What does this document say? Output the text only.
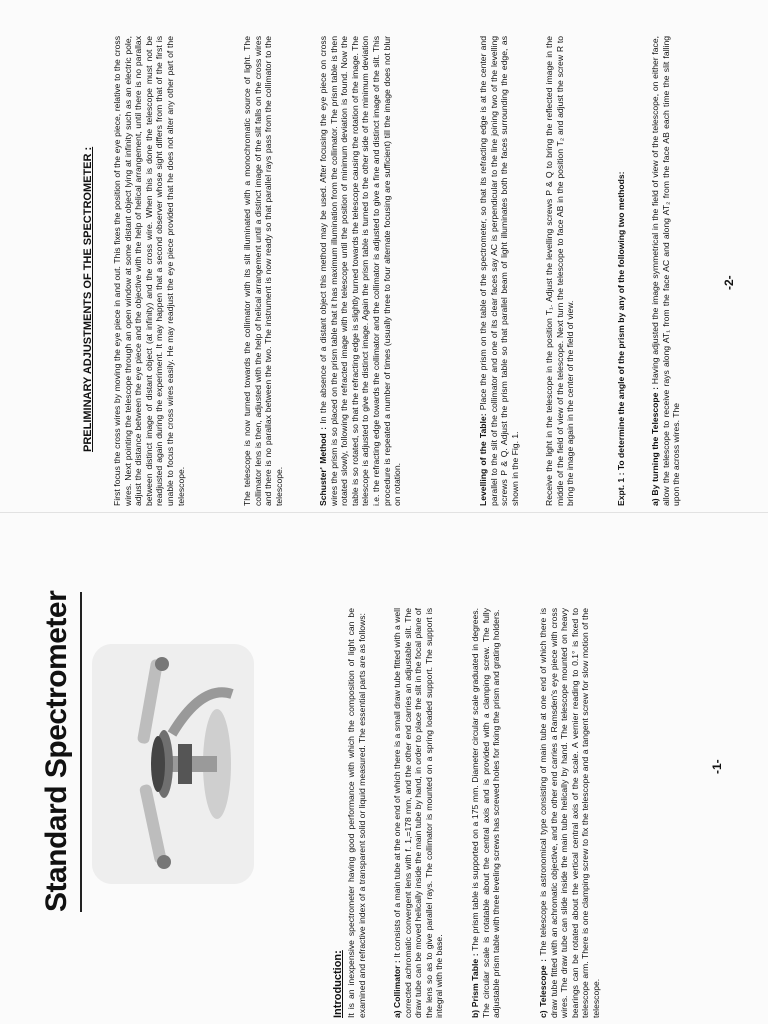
Standard Spectrometer
Introduction: It is an inexpensive spectrometer having good performance with which the composition of light can be examined and refractive index of a transparent solid or liquid measured. The essential parts are as follows:	a) Collimator : It consists of a main tube at the one end of which there is a small draw tube fitted with a well corrected achromatic convergent lens with f. 1,=178 mm, and the other end carries an adjustable slit. The draw tube can be moved helically inside the main tube by hand, in order to place the slit in the focal plane of the lens so as to give parallel rays. The collimator is mounted on a spring loaded support. The support is integral with the base.	b) Prism Table : The prism table is supported on a 175 mm. Diameter circular scale graduated in degrees. The circular scale is rotatable about the central axis and is provided with a clamping screw. The fully adjustable prism table with three leveling screws has screwed holes for fixing the prism and grating holders.	c) Telescope : The telescope is astronomical type consisting of main tube at one end of which there is draw tube fitted with an achromatic objective, and the other end carries a Ramsden's eye piece with cross wires. The draw tube can slide inside the main tube helically by hand. The telescope mounted on heavy bearings can be rotated about the vertical central axis of the scale. A vernier reading to 0.1° is fixed to telescope arm. There is one clamping screw to fix the telescope and a tangent screw for slow motion of the telescope.
-1-
PRELIMINARY ADJUSTMENTS OF THE SPECTROMETER : First focus the cross wires by moving the eye piece in and out. This fixes the position of the eye piece, relative to the cross wires. Next pointing the telescope through an open window at some distant object lying at infinity such as an electric pole, adjust the distance between the eye piece and the objective with the help of helical arrangement, until there is no parallax between distinct image of distant object (at infinity) and the cross wire. When this is done the telescope must not be readjusted again during the experiment. It may happen that a second observer whose sight differs from that of the first is unable to focus the cross wires easily. He may readjust the eye piece provided that he does not alter any other part of the telescope.	The telescope is now turned towards the collimator with its slit illuminated with a monochromatic source of light. The collimator lens is then, adjusted with the help of helical arrangement until a distinct image of the slit falls on the cross wires and there is no parallax between the two. The instrument is now ready so that parallel rays pass from the collimator to the telescope.	Schuster' Method : In the absence of a distant object this method may be used. After focusing the eye piece on cross wires the prism is so placed on the prism table that it has maximum illumination from the collimator. The prism table is then rotated slowly, following the refracted image with the telescope until the position of minimum deviation is found. Now the table is so rotated, so that the refracting edge is slightly turned towards the telescope causing the rotation of the image. The telescope is adjusted to give the distinct image. Again the prism table is turned to the other side of the minimum deviation i.e. the refracting edge towards the collimator and the collimator is adjusted to give a fine and distinct image of the slit. This procedure is repeated a number of times (usually three to four alternate focusing are sufficient) till the image does not blur on rotation.	Levelling of the Table: Place the prism on the table of the spectrometer, so that its refracting edge is at the center and parallel to the slit of the collimator and one of its clear faces say AC is perpendicular to the line joining two of the levelling screws P & Q. Adjust the prism table so that parallel beam of light illuminates both the faces surrounding the edge, as shown in the Fig. 1.	Receive the light in the telescope in the position T₁. Adjust the levelling screws P & Q to bring the reflected image in the middle of the field of view of the telescope. Next turn the telescope to face AB in the position T₂ and adjust the screw R to bring the image again in the center of the field of view.	Expt. 1 : To determine the angle of the prism by any of the following two methods:	a) By turning the Telescope : Having adjusted the image symmetrical in the field of view of the telescope, on either face, allow the telescope to receive rays along AT₁ from the face AC and along AT₂ from the face AB each time the slit falling upon the across wires. The
-2-
